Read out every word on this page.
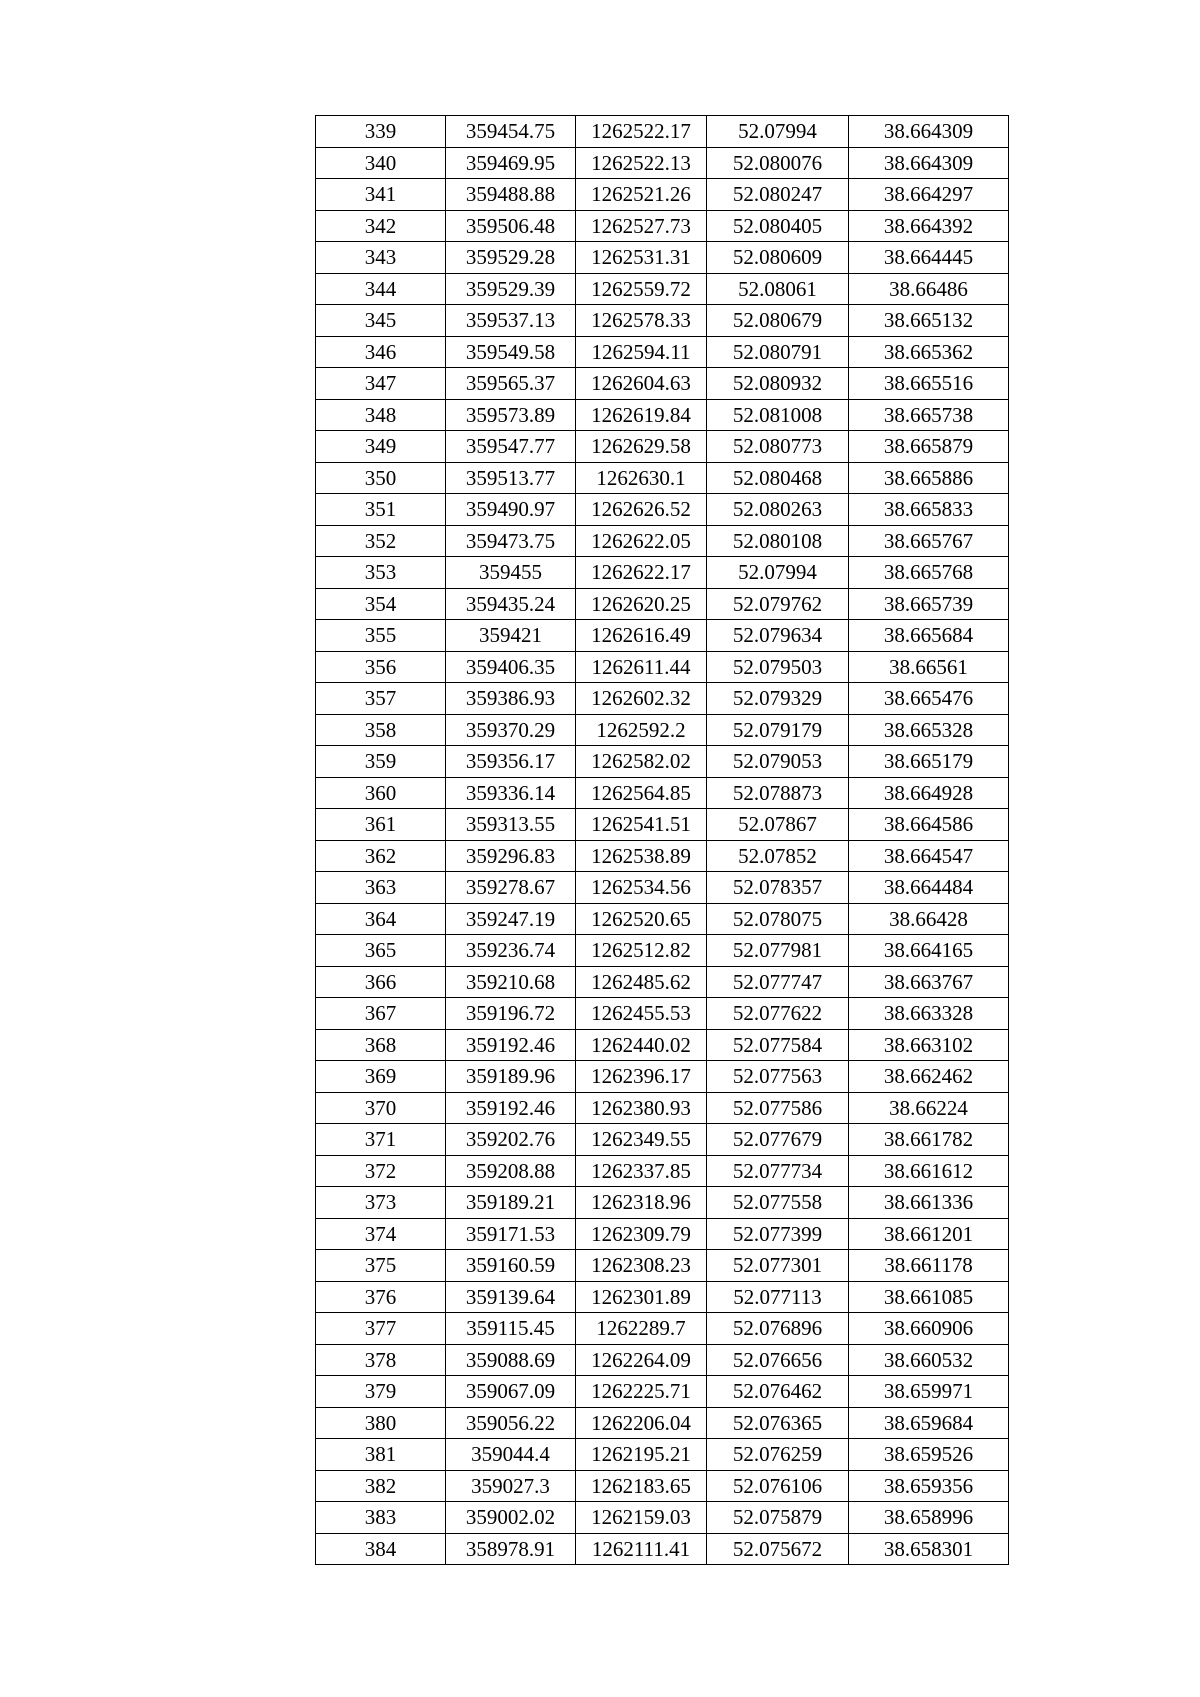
339	359454.75	1262522.17	52.07994	38.664309
340	359469.95	1262522.13	52.080076	38.664309
341	359488.88	1262521.26	52.080247	38.664297
342	359506.48	1262527.73	52.080405	38.664392
343	359529.28	1262531.31	52.080609	38.664445
344	359529.39	1262559.72	52.08061	38.66486
345	359537.13	1262578.33	52.080679	38.665132
346	359549.58	1262594.11	52.080791	38.665362
347	359565.37	1262604.63	52.080932	38.665516
348	359573.89	1262619.84	52.081008	38.665738
349	359547.77	1262629.58	52.080773	38.665879
350	359513.77	1262630.1	52.080468	38.665886
351	359490.97	1262626.52	52.080263	38.665833
352	359473.75	1262622.05	52.080108	38.665767
353	359455	1262622.17	52.07994	38.665768
354	359435.24	1262620.25	52.079762	38.665739
355	359421	1262616.49	52.079634	38.665684
356	359406.35	1262611.44	52.079503	38.66561
357	359386.93	1262602.32	52.079329	38.665476
358	359370.29	1262592.2	52.079179	38.665328
359	359356.17	1262582.02	52.079053	38.665179
360	359336.14	1262564.85	52.078873	38.664928
361	359313.55	1262541.51	52.07867	38.664586
362	359296.83	1262538.89	52.07852	38.664547
363	359278.67	1262534.56	52.078357	38.664484
364	359247.19	1262520.65	52.078075	38.66428
365	359236.74	1262512.82	52.077981	38.664165
366	359210.68	1262485.62	52.077747	38.663767
367	359196.72	1262455.53	52.077622	38.663328
368	359192.46	1262440.02	52.077584	38.663102
369	359189.96	1262396.17	52.077563	38.662462
370	359192.46	1262380.93	52.077586	38.66224
371	359202.76	1262349.55	52.077679	38.661782
372	359208.88	1262337.85	52.077734	38.661612
373	359189.21	1262318.96	52.077558	38.661336
374	359171.53	1262309.79	52.077399	38.661201
375	359160.59	1262308.23	52.077301	38.661178
376	359139.64	1262301.89	52.077113	38.661085
377	359115.45	1262289.7	52.076896	38.660906
378	359088.69	1262264.09	52.076656	38.660532
379	359067.09	1262225.71	52.076462	38.659971
380	359056.22	1262206.04	52.076365	38.659684
381	359044.4	1262195.21	52.076259	38.659526
382	359027.3	1262183.65	52.076106	38.659356
383	359002.02	1262159.03	52.075879	38.658996
384	358978.91	1262111.41	52.075672	38.658301
